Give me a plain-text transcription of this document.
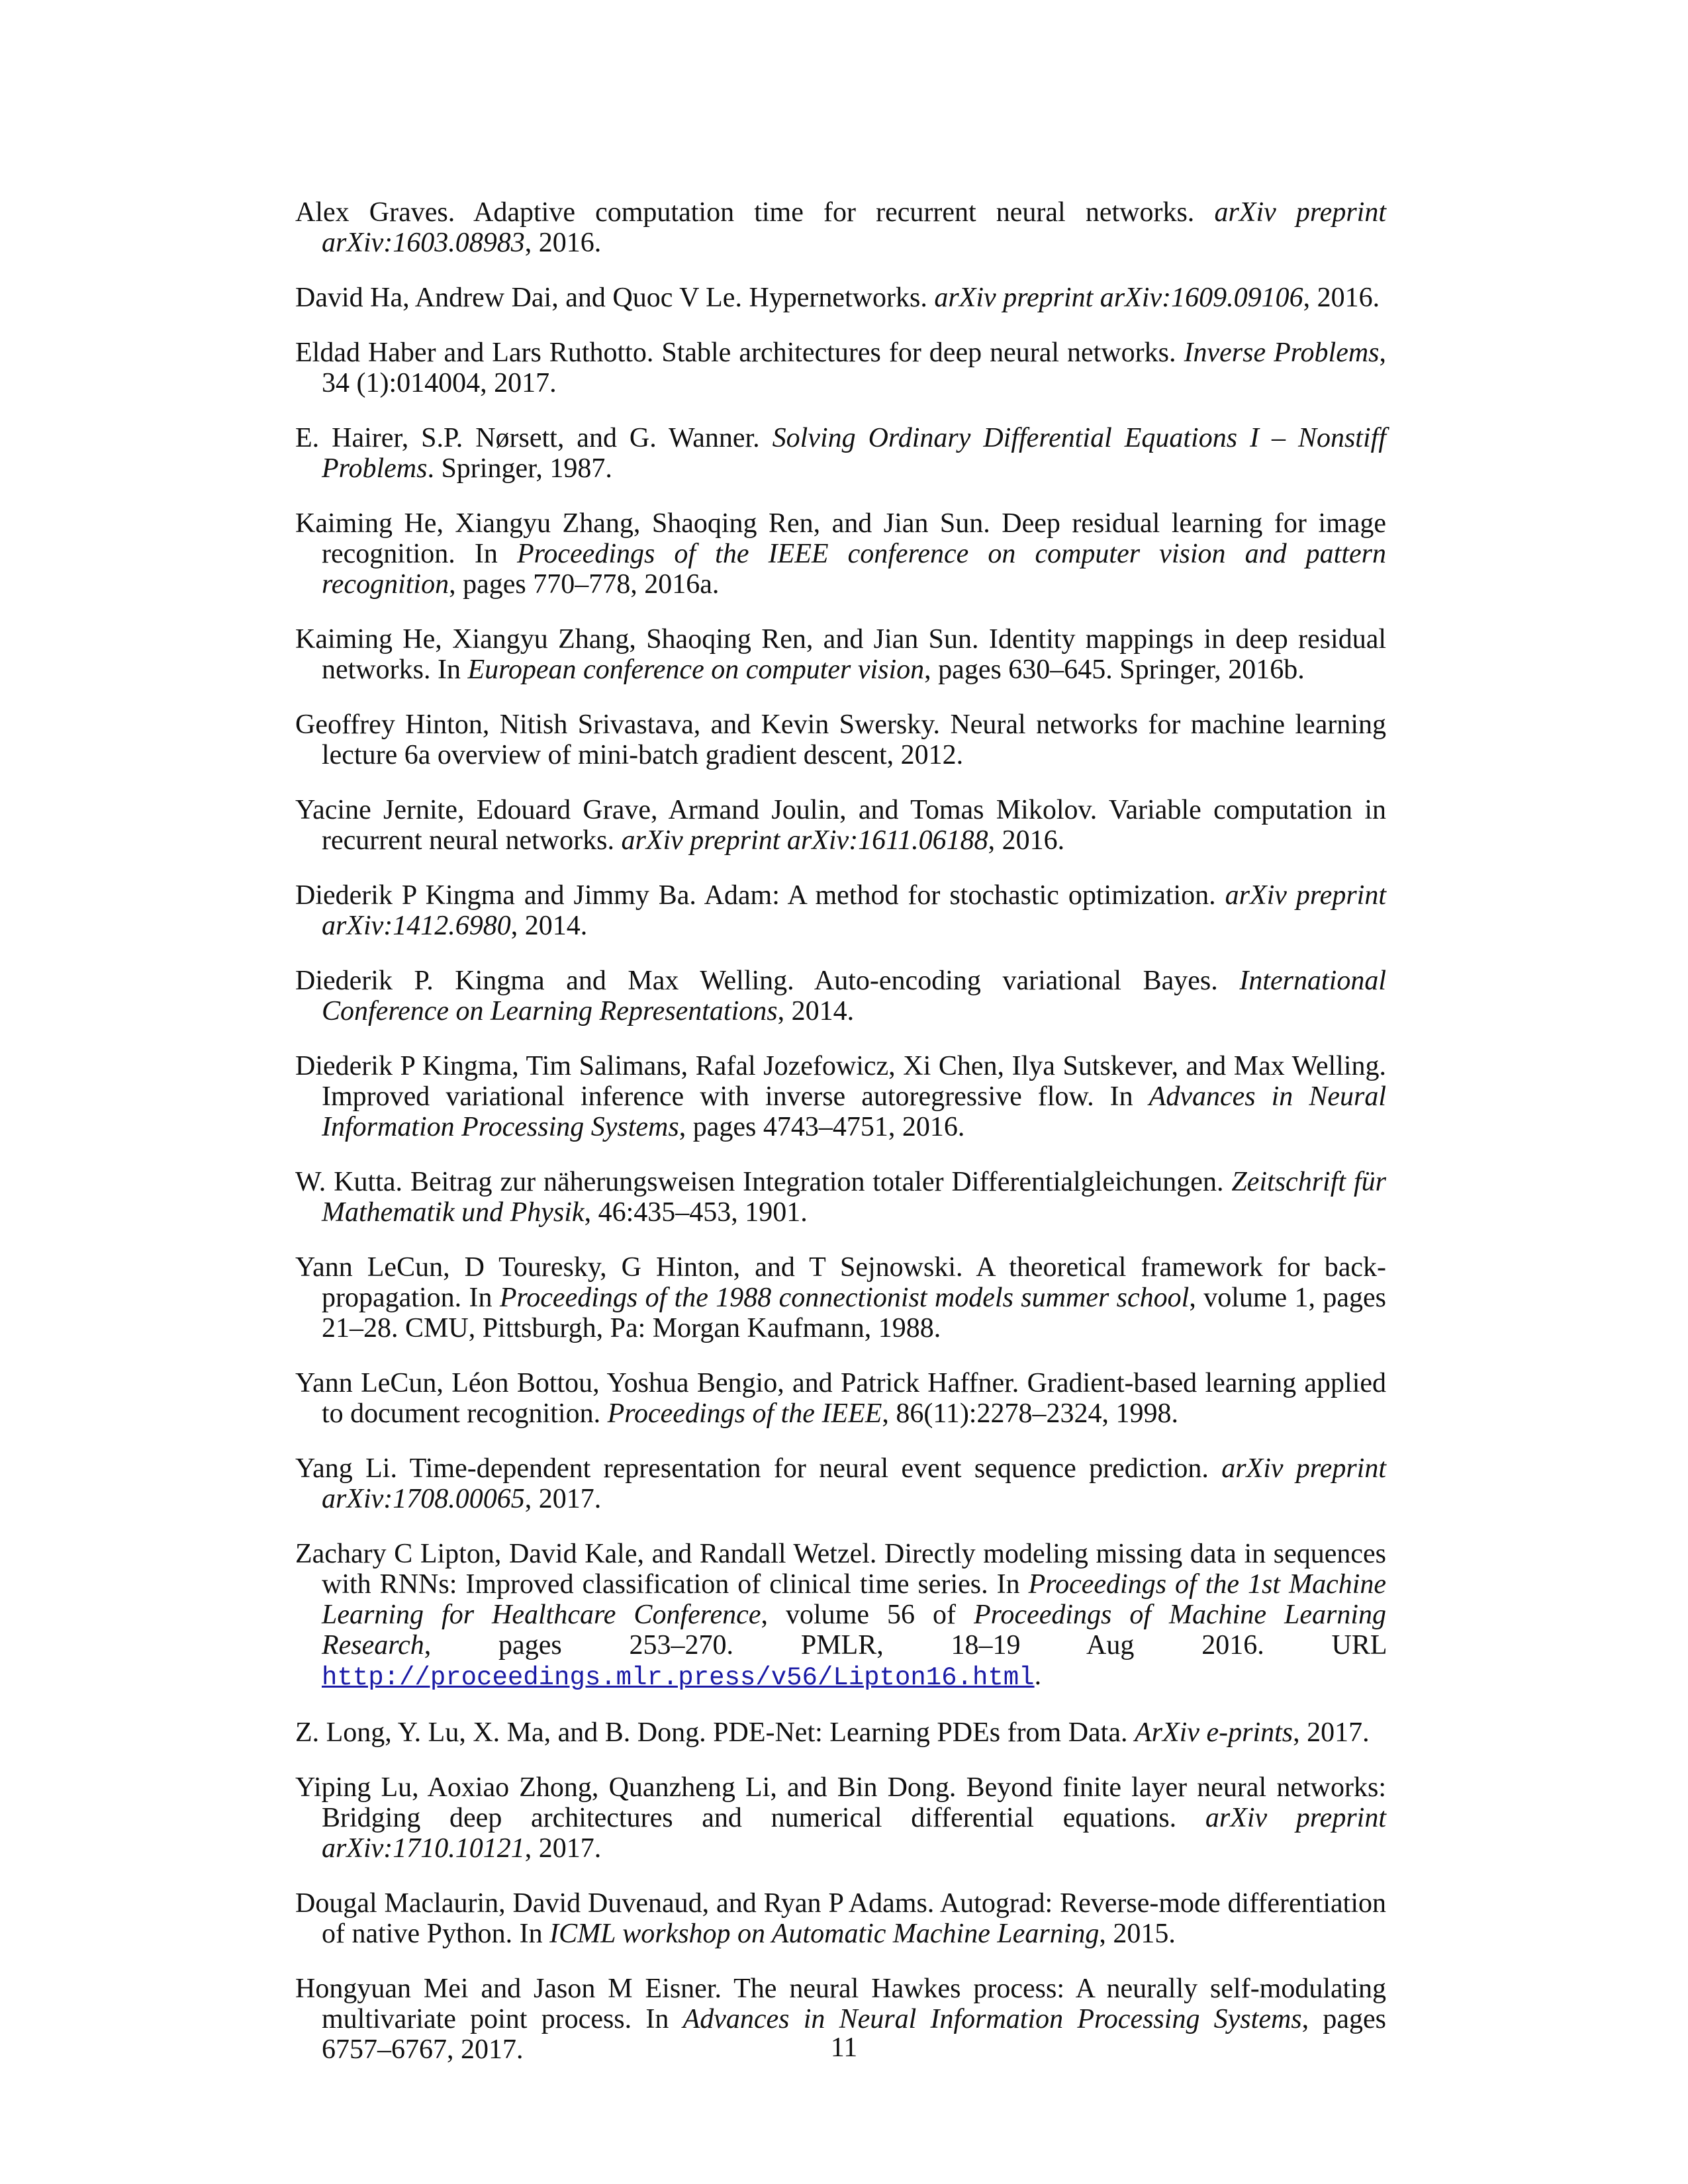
Alex Graves. Adaptive computation time for recurrent neural networks. arXiv preprint arXiv:1603.08983, 2016.

David Ha, Andrew Dai, and Quoc V Le. Hypernetworks. arXiv preprint arXiv:1609.09106, 2016.

Eldad Haber and Lars Ruthotto. Stable architectures for deep neural networks. Inverse Problems, 34 (1):014004, 2017.

E. Hairer, S.P. Nørsett, and G. Wanner. Solving Ordinary Differential Equations I – Nonstiff Problems. Springer, 1987.

Kaiming He, Xiangyu Zhang, Shaoqing Ren, and Jian Sun. Deep residual learning for image recognition. In Proceedings of the IEEE conference on computer vision and pattern recognition, pages 770–778, 2016a.

Kaiming He, Xiangyu Zhang, Shaoqing Ren, and Jian Sun. Identity mappings in deep residual networks. In European conference on computer vision, pages 630–645. Springer, 2016b.

Geoffrey Hinton, Nitish Srivastava, and Kevin Swersky. Neural networks for machine learning lecture 6a overview of mini-batch gradient descent, 2012.

Yacine Jernite, Edouard Grave, Armand Joulin, and Tomas Mikolov. Variable computation in recurrent neural networks. arXiv preprint arXiv:1611.06188, 2016.

Diederik P Kingma and Jimmy Ba. Adam: A method for stochastic optimization. arXiv preprint arXiv:1412.6980, 2014.

Diederik P. Kingma and Max Welling. Auto-encoding variational Bayes. International Conference on Learning Representations, 2014.

Diederik P Kingma, Tim Salimans, Rafal Jozefowicz, Xi Chen, Ilya Sutskever, and Max Welling. Improved variational inference with inverse autoregressive flow. In Advances in Neural Information Processing Systems, pages 4743–4751, 2016.

W. Kutta. Beitrag zur näherungsweisen Integration totaler Differentialgleichungen. Zeitschrift für Mathematik und Physik, 46:435–453, 1901.

Yann LeCun, D Touresky, G Hinton, and T Sejnowski. A theoretical framework for back-propagation. In Proceedings of the 1988 connectionist models summer school, volume 1, pages 21–28. CMU, Pittsburgh, Pa: Morgan Kaufmann, 1988.

Yann LeCun, Léon Bottou, Yoshua Bengio, and Patrick Haffner. Gradient-based learning applied to document recognition. Proceedings of the IEEE, 86(11):2278–2324, 1998.

Yang Li. Time-dependent representation for neural event sequence prediction. arXiv preprint arXiv:1708.00065, 2017.

Zachary C Lipton, David Kale, and Randall Wetzel. Directly modeling missing data in sequences with RNNs: Improved classification of clinical time series. In Proceedings of the 1st Machine Learning for Healthcare Conference, volume 56 of Proceedings of Machine Learning Research, pages 253–270. PMLR, 18–19 Aug 2016. URL http://proceedings.mlr.press/v56/Lipton16.html.

Z. Long, Y. Lu, X. Ma, and B. Dong. PDE-Net: Learning PDEs from Data. ArXiv e-prints, 2017.

Yiping Lu, Aoxiao Zhong, Quanzheng Li, and Bin Dong. Beyond finite layer neural networks: Bridging deep architectures and numerical differential equations. arXiv preprint arXiv:1710.10121, 2017.

Dougal Maclaurin, David Duvenaud, and Ryan P Adams. Autograd: Reverse-mode differentiation of native Python. In ICML workshop on Automatic Machine Learning, 2015.

Hongyuan Mei and Jason M Eisner. The neural Hawkes process: A neurally self-modulating multivariate point process. In Advances in Neural Information Processing Systems, pages 6757–6767, 2017.	11
